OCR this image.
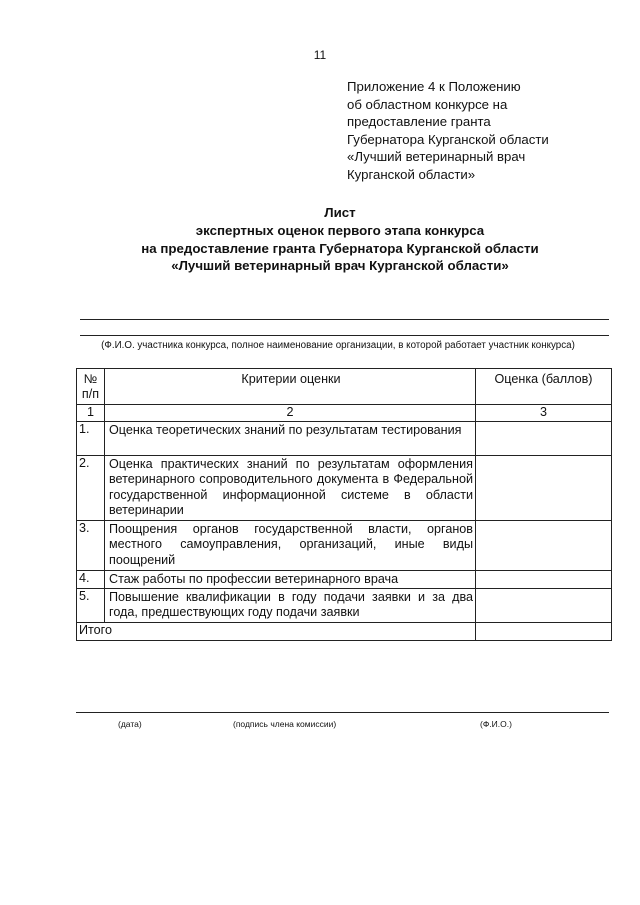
11
Приложение 4 к Положению
об областном конкурсе на
предоставление гранта
Губернатора Курганской области
«Лучший ветеринарный врач
Курганской области»
Лист
экспертных оценок первого этапа конкурса
на предоставление гранта Губернатора Курганской области
«Лучший ветеринарный врач Курганской области»
(Ф.И.О. участника конкурса, полное наименование организации, в которой работает участник конкурса)
№ п/п	Критерии оценки	Оценка (баллов)
1	2	3
1.	Оценка теоретических знаний по результатам тестирования	
2.	Оценка практических знаний по результатам оформления ветеринарного сопроводительного документа в Федеральной государственной информационной системе в области ветеринарии	
3.	Поощрения органов государственной власти, органов местного самоуправления, организаций, иные виды поощрений	
4.	Стаж работы по профессии ветеринарного врача	
5.	Повышение квалификации в году подачи заявки и за два года, предшествующих году подачи заявки	
Итого		
(дата)	(подпись члена комиссии)	(Ф.И.О.)
